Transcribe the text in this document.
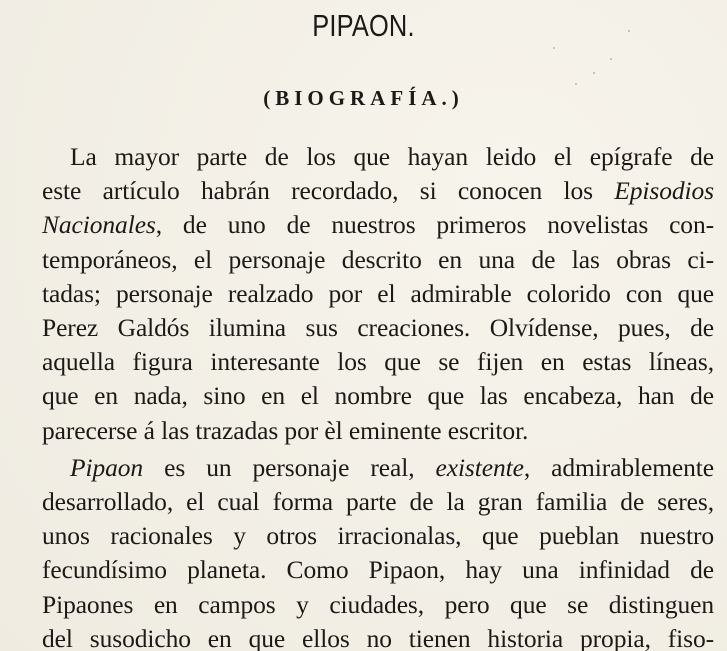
PIPAON.
(BIOGRAFÍA.)
La mayor parte de los que hayan leido el epígrafe de
este artículo habrán recordado, si conocen los Episodios
Nacionales, de uno de nuestros primeros novelistas con-
temporáneos, el personaje descrito en una de las obras ci-
tadas; personaje realzado por el admirable colorido con que
Perez Galdós ilumina sus creaciones. Olvídense, pues, de
aquella figura interesante los que se fijen en estas líneas,
que en nada, sino en el nombre que las encabeza, han de
parecerse á las trazadas por èl eminente escritor.
Pipaon es un personaje real, existente, admirablemente
desarrollado, el cual forma parte de la gran familia de seres,
unos racionales y otros irracionalas, que pueblan nuestro
fecundísimo planeta. Como Pipaon, hay una infinidad de
Pipaones en campos y ciudades, pero que se distinguen
del susodicho en que ellos no tienen historia propia, fiso-
